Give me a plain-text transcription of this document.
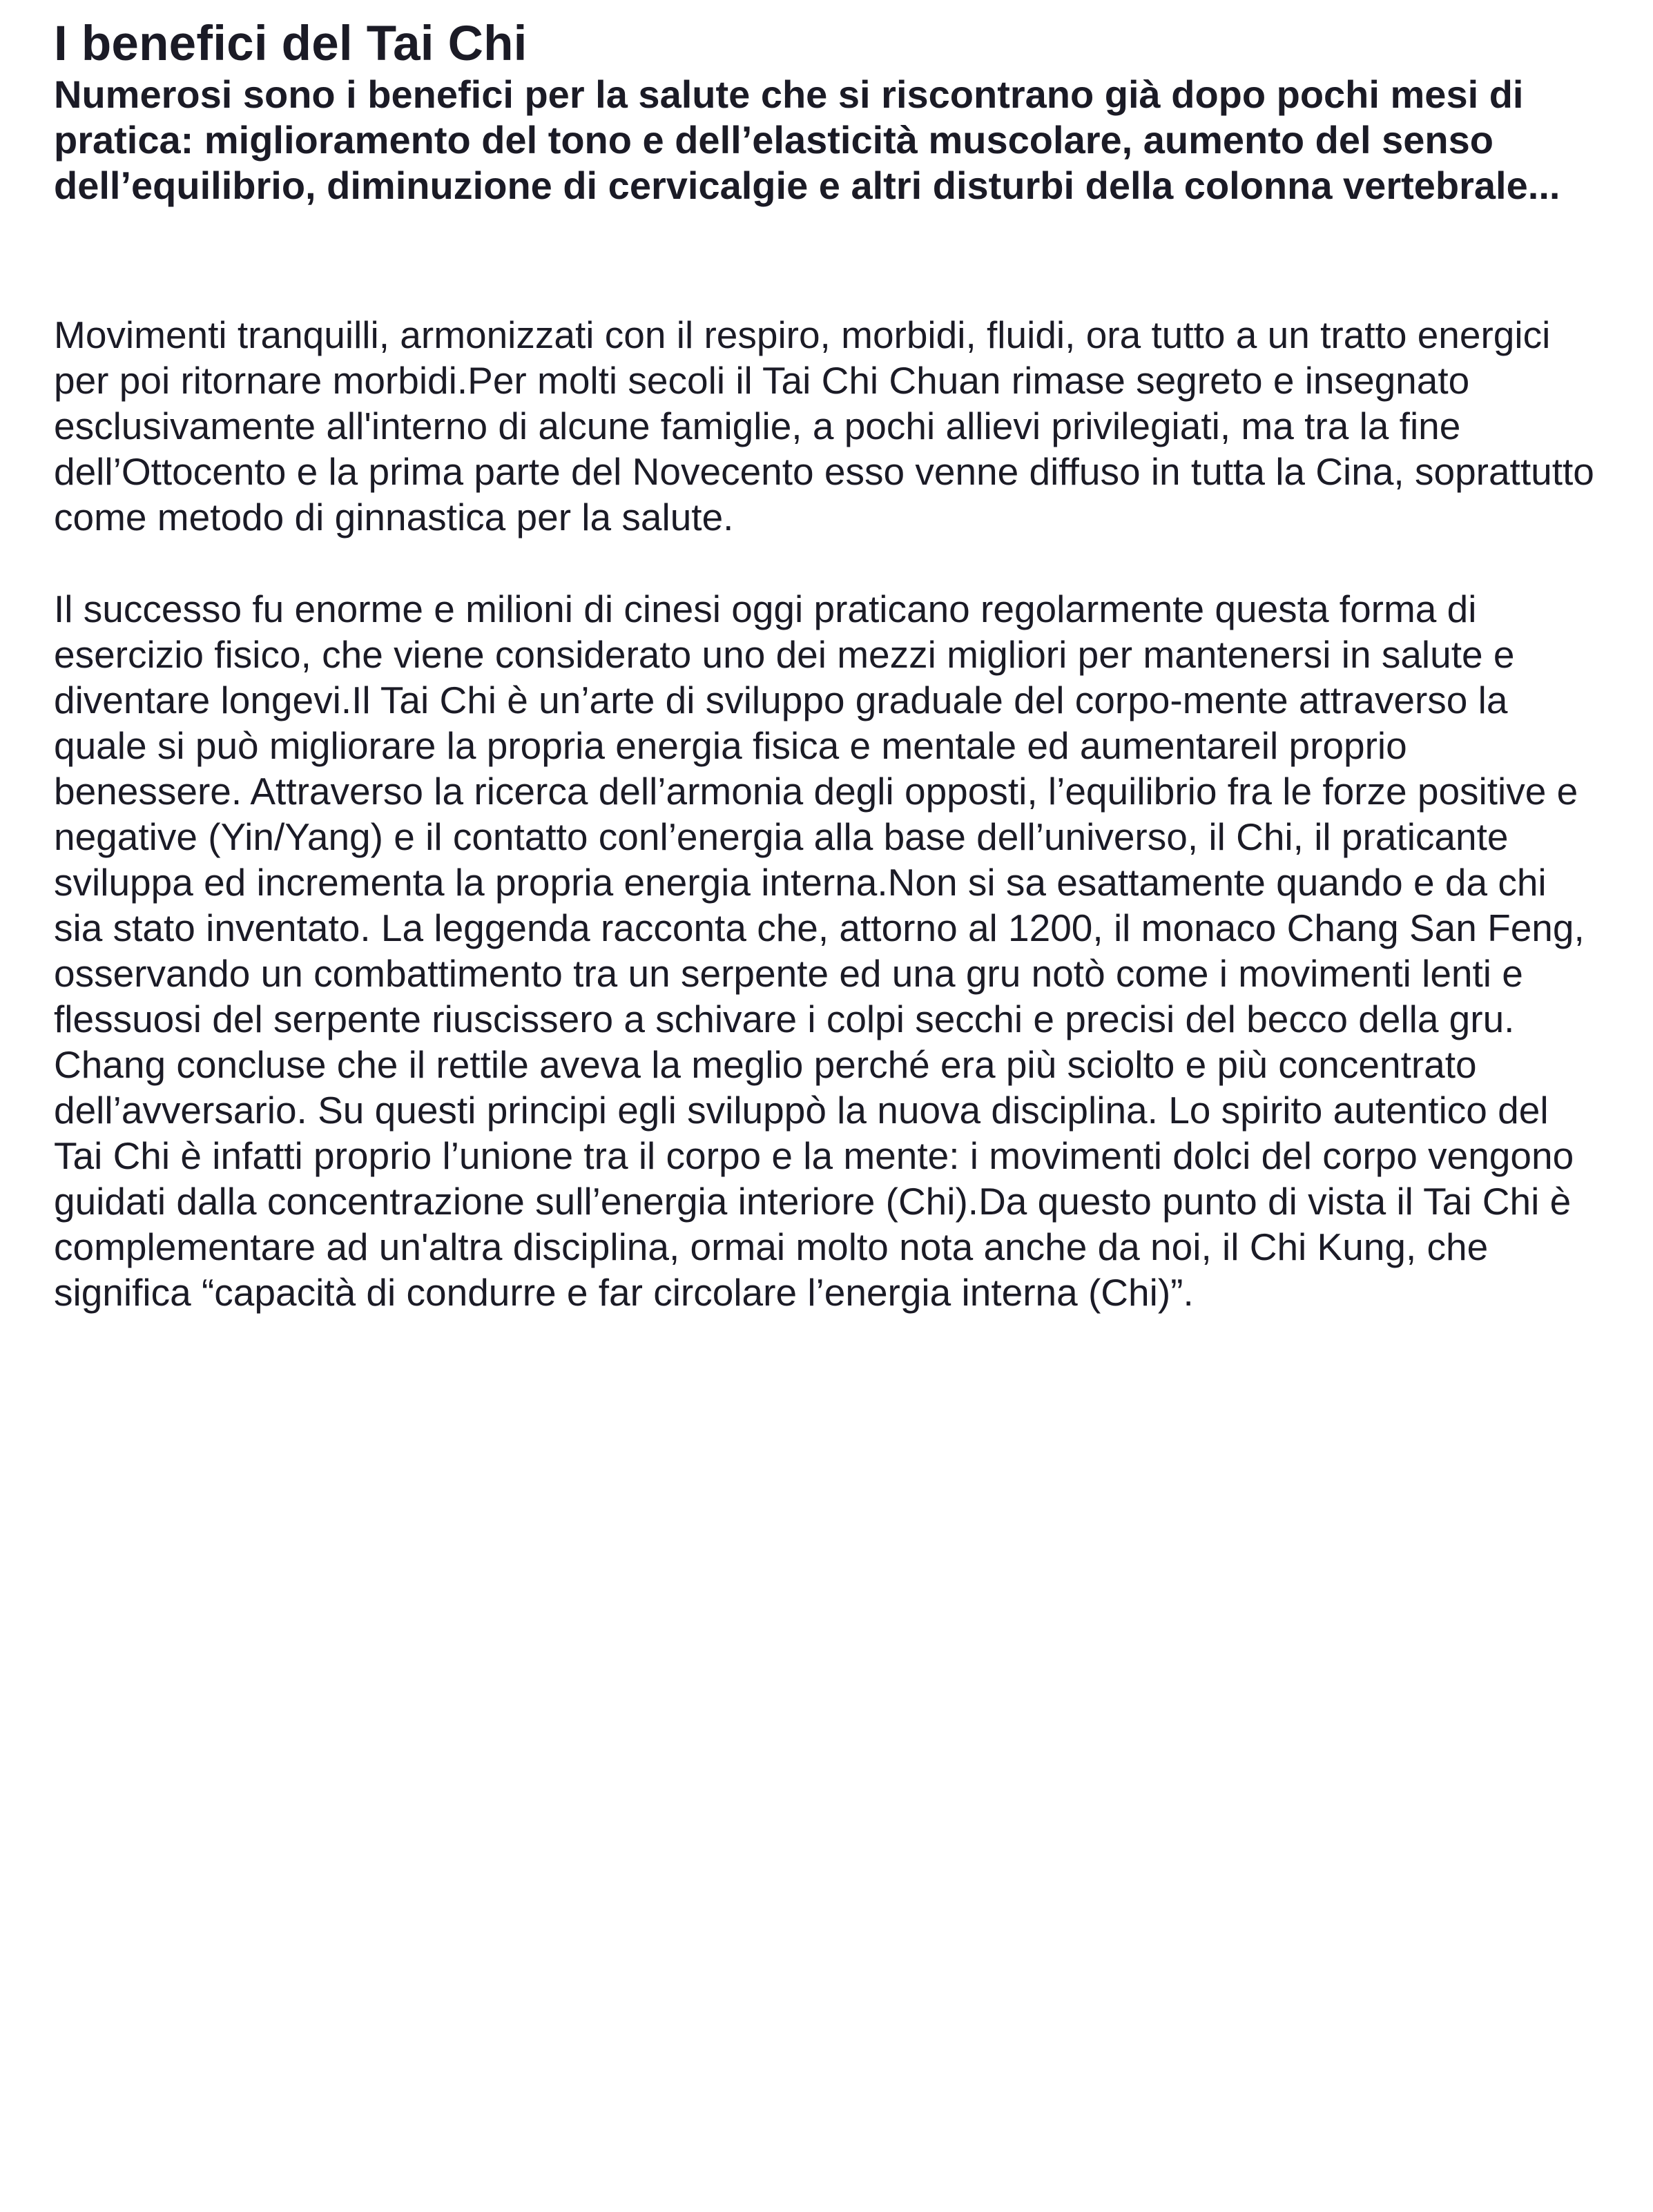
I benefici del Tai Chi

Numerosi sono i benefici per la salute che si riscontrano già dopo pochi mesi di pratica: miglioramento del tono e dell’elasticità muscolare, aumento del senso dell’equilibrio, diminuzione di cervicalgie e altri disturbi della colonna vertebrale...

Movimenti tranquilli, armonizzati con il respiro, morbidi, fluidi, ora tutto a un tratto energici per poi ritornare morbidi.Per molti secoli il Tai Chi Chuan rimase segreto e insegnato esclusivamente all'interno di alcune famiglie, a pochi allievi privilegiati, ma tra la fine dell’Ottocento e la prima parte del Novecento esso venne diffuso in tutta la Cina, soprattutto come metodo di ginnastica per la salute.

Il successo fu enorme e milioni di cinesi oggi praticano regolarmente questa forma di esercizio fisico, che viene considerato uno dei mezzi migliori per mantenersi in salute e diventare longevi.Il Tai Chi è un’arte di sviluppo graduale del corpo-mente attraverso la quale si può migliorare la propria energia fisica e mentale ed aumentareil proprio benessere. Attraverso la ricerca dell’armonia degli opposti, l’equilibrio fra le forze positive e negative (Yin/Yang) e il contatto conl’energia alla base dell’universo, il Chi, il praticante sviluppa ed incrementa la propria energia interna.Non si sa esattamente quando e da chi sia stato inventato. La leggenda racconta che, attorno al 1200, il monaco Chang San Feng, osservando un combattimento tra un serpente ed una gru notò come i movimenti lenti e flessuosi del serpente riuscissero a schivare i colpi secchi e precisi del becco della gru. Chang concluse che il rettile aveva la meglio perché era più sciolto e più concentrato dell’avversario. Su questi principi egli sviluppò la nuova disciplina. Lo spirito autentico del Tai Chi è infatti proprio l’unione tra il corpo e la mente: i movimenti dolci del corpo vengono guidati dalla concentrazione sull’energia interiore (Chi).Da questo punto di vista il Tai Chi è complementare ad un'altra disciplina, ormai molto nota anche da noi, il Chi Kung, che significa “capacità di condurre e far circolare l’energia interna (Chi)”.
